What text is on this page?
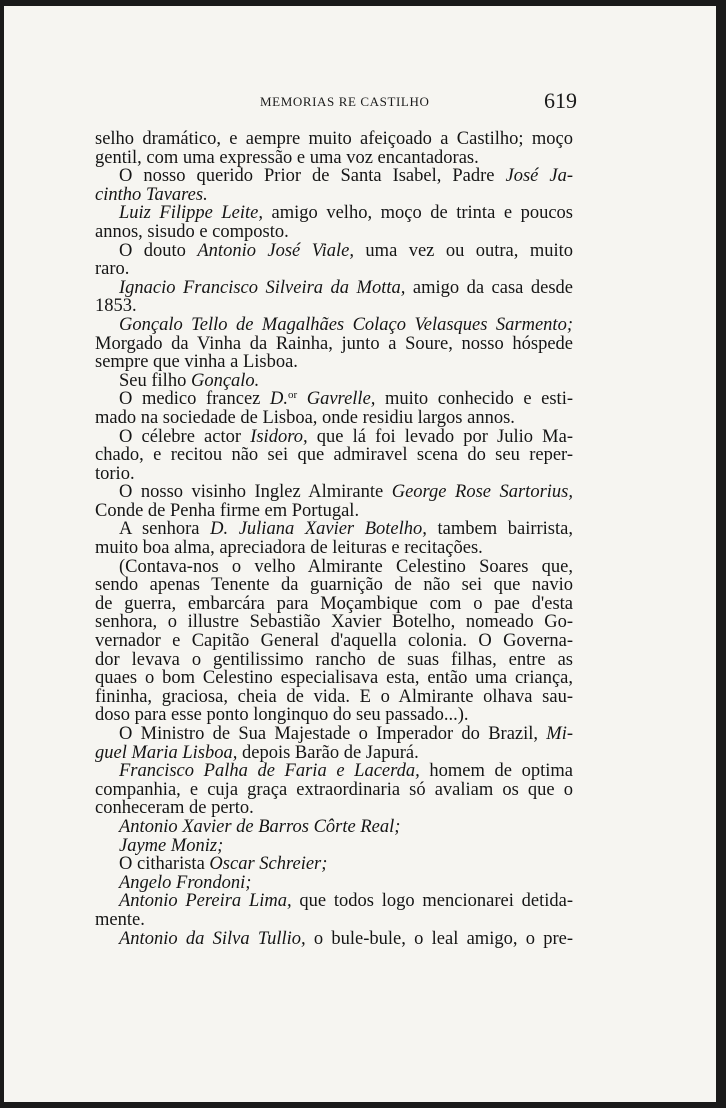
MEMORIAS RE CASTILHO	619
selho dramático, e aempre muito afeiçoado a Castilho; moço
gentil, com uma expressão e uma voz encantadoras.
O nosso querido Prior de Santa Isabel, Padre José Ja-
cintho Tavares.
Luiz Filippe Leite, amigo velho, moço de trinta e poucos
annos, sisudo e composto.
O douto Antonio José Viale, uma vez ou outra, muito
raro.
Ignacio Francisco Silveira da Motta, amigo da casa desde
1853.
Gonçalo Tello de Magalhães Colaço Velasques Sarmento;
Morgado da Vinha da Rainha, junto a Soure, nosso hóspede
sempre que vinha a Lisboa.
Seu filho Gonçalo.
O medico francez D.$^{or}$ Gavrelle, muito conhecido e esti-
mado na sociedade de Lisboa, onde residiu largos annos.
O célebre actor Isidoro, que lá foi levado por Julio Ma-
chado, e recitou não sei que admiravel scena do seu reper-
torio.
O nosso visinho Inglez Almirante George Rose Sartorius,
Conde de Penha firme em Portugal.
A senhora D. Juliana Xavier Botelho, tambem bairrista,
muito boa alma, apreciadora de leituras e recitações.
(Contava-nos o velho Almirante Celestino Soares que,
sendo apenas Tenente da guarnição de não sei que navio
de guerra, embarcára para Moçambique com o pae d'esta
senhora, o illustre Sebastião Xavier Botelho, nomeado Go-
vernador e Capitão General d'aquella colonia. O Governa-
dor levava o gentilissimo rancho de suas filhas, entre as
quaes o bom Celestino especialisava esta, então uma criança,
fininha, graciosa, cheia de vida. E o Almirante olhava sau-
doso para esse ponto longinquo do seu passado...).
O Ministro de Sua Majestade o Imperador do Brazil, Mi-
guel Maria Lisboa, depois Barão de Japurá.
Francisco Palha de Faria e Lacerda, homem de optima
companhia, e cuja graça extraordinaria só avaliam os que o
conheceram de perto.
Antonio Xavier de Barros Côrte Real;
Jayme Moniz;
O citharista Oscar Schreier;
Angelo Frondoni;
Antonio Pereira Lima, que todos logo mencionarei detida-
mente.
Antonio da Silva Tullio, o bule-bule, o leal amigo, o pre-
